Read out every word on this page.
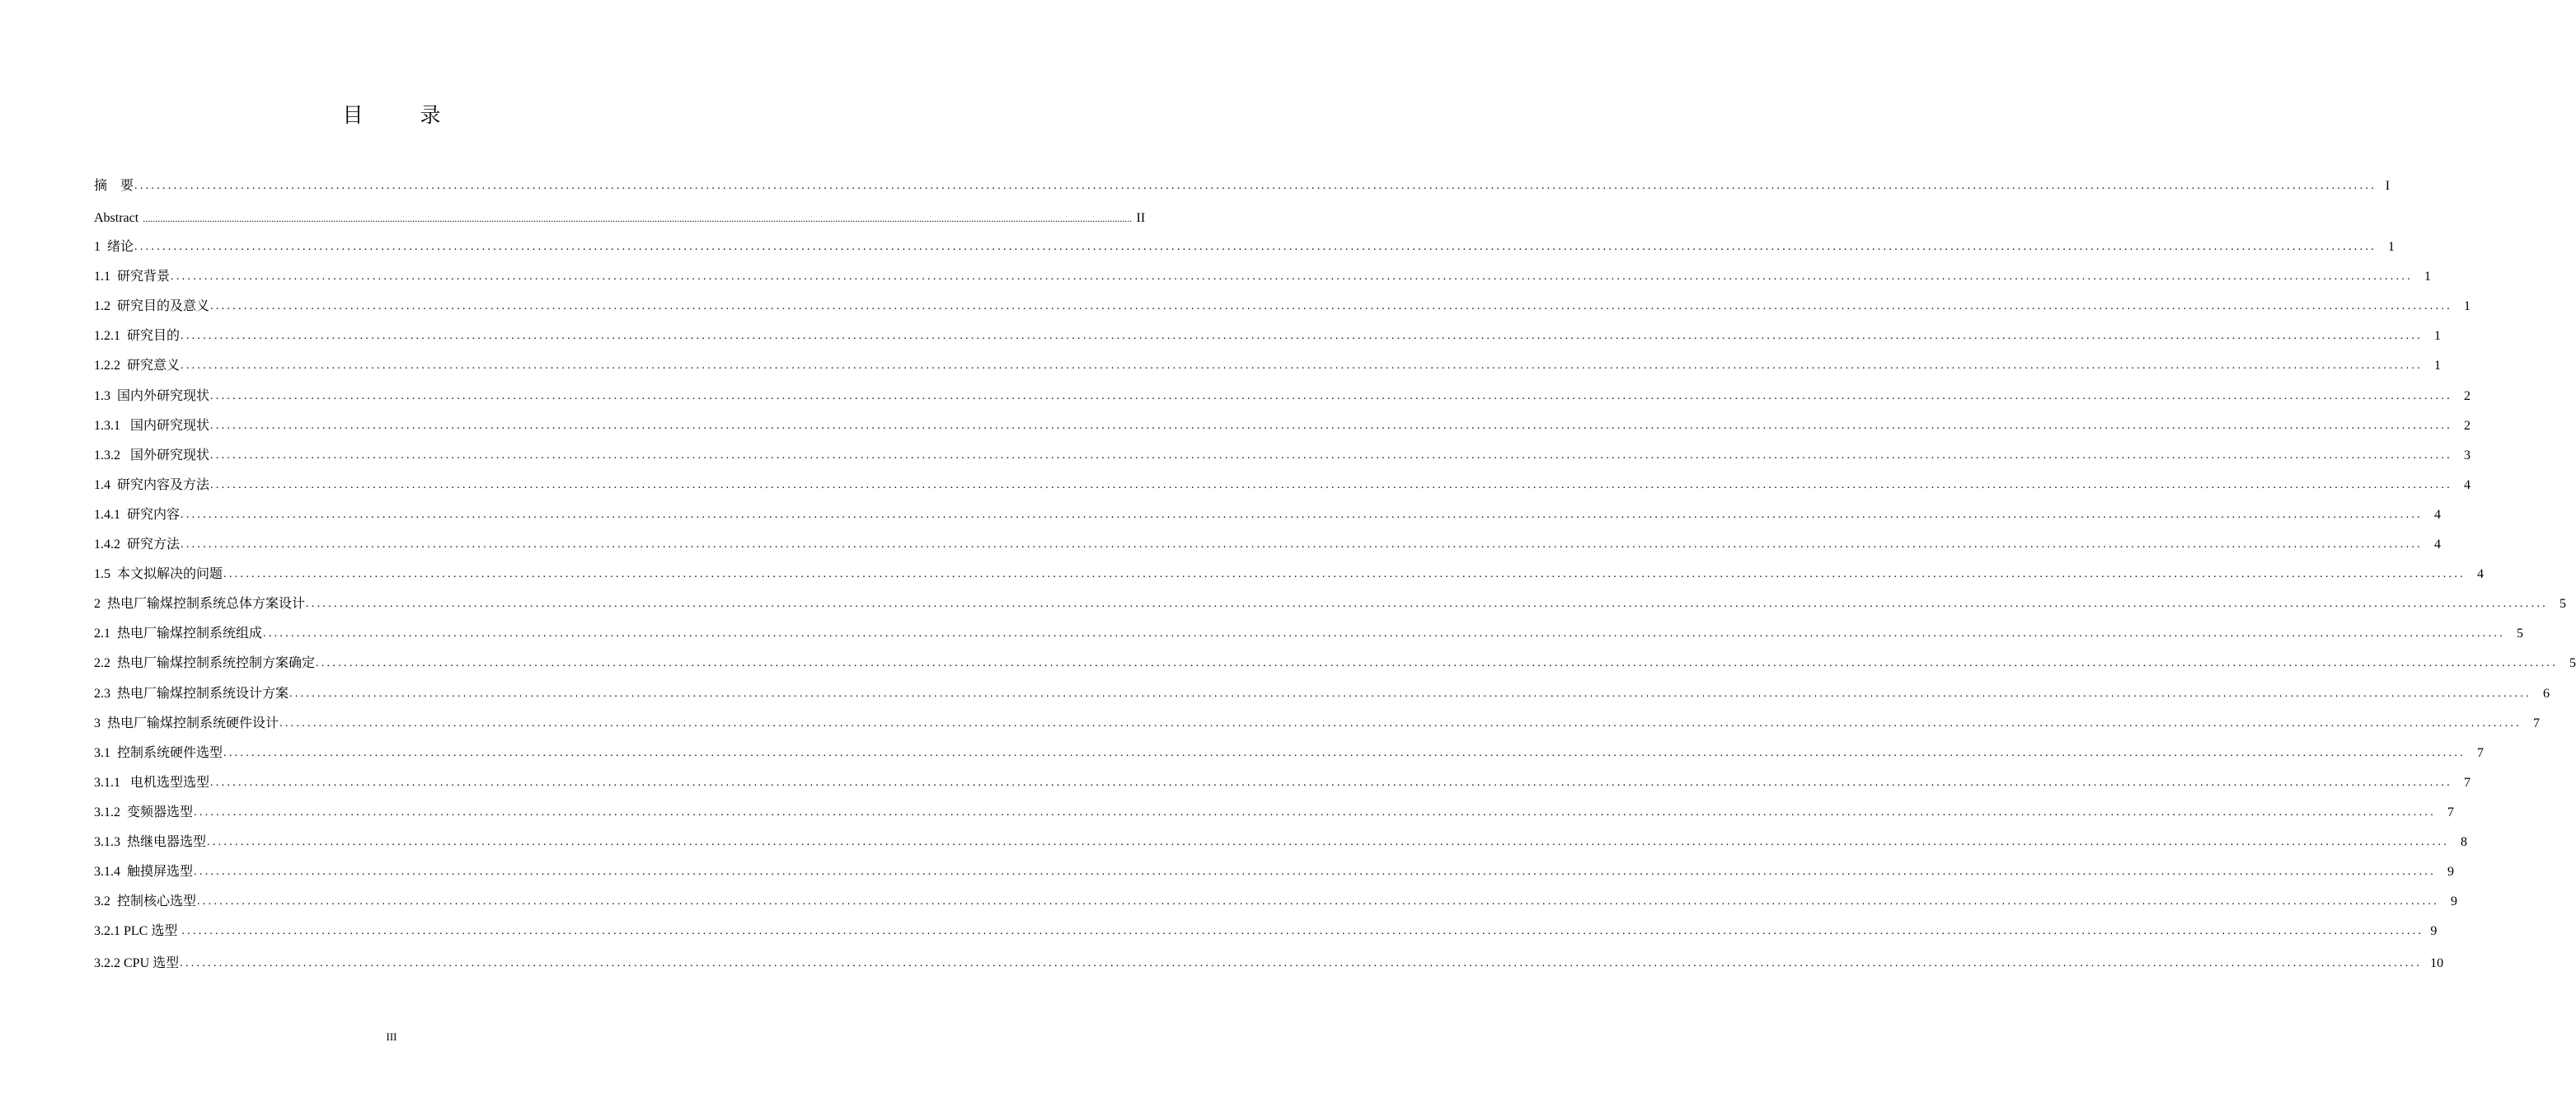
目　录
摘　要 ................................................................................................................................................................................................................................................................................................................................................................................................................ I
Abstract ................................................................................................................................................................................................................................................................................................................................................................................................................ II
1  绪论 ................................................................................................................................................................................................................................................................................................................................................................................................................ 1
1.1  研究背景 ................................................................................................................................................................................................................................................................................................................................................................................................................ 1
1.2  研究目的及意义 ................................................................................................................................................................................................................................................................................................................................................................................................................ 1
1.2.1  研究目的 ................................................................................................................................................................................................................................................................................................................................................................................................................ 1
1.2.2  研究意义 ................................................................................................................................................................................................................................................................................................................................................................................................................ 1
1.3  国内外研究现状 ................................................................................................................................................................................................................................................................................................................................................................................................................ 2
1.3.1   国内研究现状 ................................................................................................................................................................................................................................................................................................................................................................................................................ 2
1.3.2   国外研究现状 ................................................................................................................................................................................................................................................................................................................................................................................................................ 3
1.4  研究内容及方法 ................................................................................................................................................................................................................................................................................................................................................................................................................ 4
1.4.1  研究内容 ................................................................................................................................................................................................................................................................................................................................................................................................................ 4
1.4.2  研究方法 ................................................................................................................................................................................................................................................................................................................................................................................................................ 4
1.5  本文拟解决的问题 ................................................................................................................................................................................................................................................................................................................................................................................................................ 4
2  热电厂输煤控制系统总体方案设计 ................................................................................................................................................................................................................................................................................................................................................................................................................ 5
2.1  热电厂输煤控制系统组成 ................................................................................................................................................................................................................................................................................................................................................................................................................ 5
2.2  热电厂输煤控制系统控制方案确定 ................................................................................................................................................................................................................................................................................................................................................................................................................ 5
2.3  热电厂输煤控制系统设计方案 ................................................................................................................................................................................................................................................................................................................................................................................................................ 6
3  热电厂输煤控制系统硬件设计 ................................................................................................................................................................................................................................................................................................................................................................................................................ 7
3.1  控制系统硬件选型 ................................................................................................................................................................................................................................................................................................................................................................................................................ 7
3.1.1   电机选型选型 ................................................................................................................................................................................................................................................................................................................................................................................................................ 7
3.1.2  变频器选型 ................................................................................................................................................................................................................................................................................................................................................................................................................ 7
3.1.3  热继电器选型 ................................................................................................................................................................................................................................................................................................................................................................................................................ 8
3.1.4  触摸屏选型 ................................................................................................................................................................................................................................................................................................................................................................................................................ 9
3.2  控制核心选型 ................................................................................................................................................................................................................................................................................................................................................................................................................ 9
3.2.1 PLC 选型 ................................................................................................................................................................................................................................................................................................................................................................................................................ 9
3.2.2 CPU 选型 ................................................................................................................................................................................................................................................................................................................................................................................................................ 10
III
